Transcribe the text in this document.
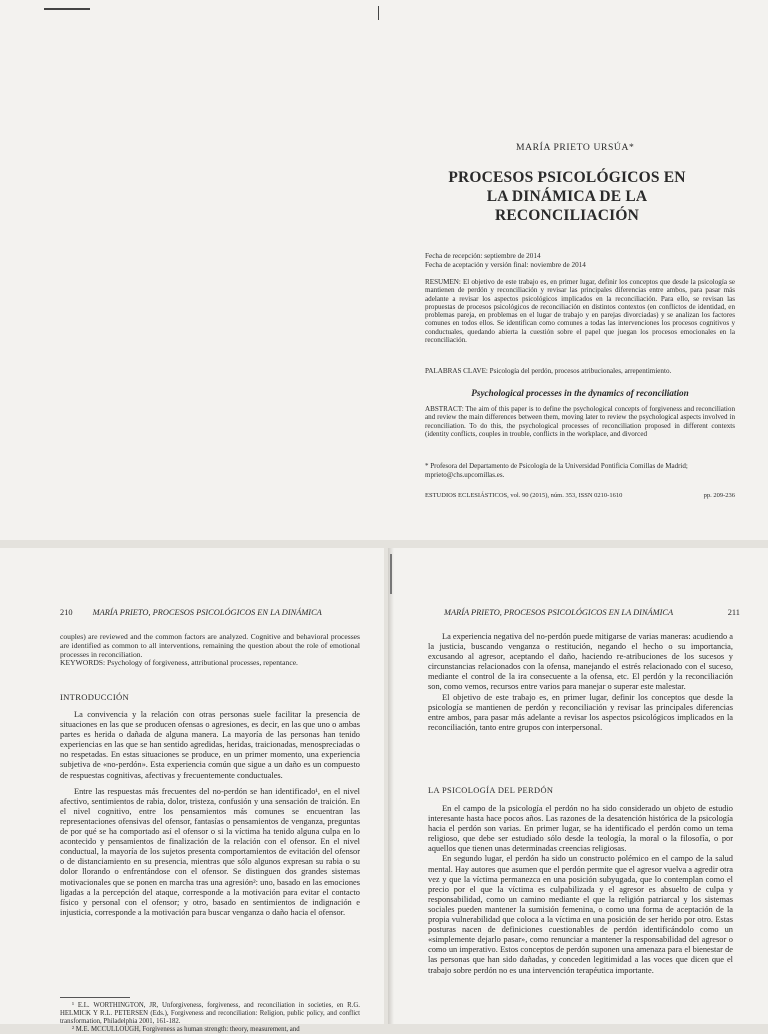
MARÍA PRIETO URSÚA*
PROCESOS PSICOLÓGICOS EN
LA DINÁMICA DE LA RECONCILIACIÓN
Fecha de recepción: septiembre de 2014
Fecha de aceptación y versión final: noviembre de 2014
RESUMEN: El objetivo de este trabajo es, en primer lugar, definir los conceptos que desde la psicología se mantienen de perdón y reconciliación y revisar las principales diferencias entre ambos, para pasar más adelante a revisar los aspectos psicológicos implicados en la reconciliación. Para ello, se revisan las propuestas de procesos psicológicos de reconciliación en distintos contextos (en conflictos de identidad, en problemas pareja, en problemas en el lugar de trabajo y en parejas divorciadas) y se analizan los factores comunes en todos ellos. Se identifican como comunes a todas las intervenciones los procesos cognitivos y conductuales, quedando abierta la cuestión sobre el papel que juegan los procesos emocionales en la reconciliación.
PALABRAS CLAVE: Psicología del perdón, procesos atribucionales, arrepentimiento.
Psychological processes in the dynamics of reconciliation
ABSTRACT: The aim of this paper is to define the psychological concepts of forgiveness and reconciliation and review the main differences between them, moving later to review the psychological aspects involved in reconciliation. To do this, the psychological processes of reconciliation proposed in different contexts (identity conflicts, couples in trouble, conflicts in the workplace, and divorced
* Profesora del Departamento de Psicología de la Universidad Pontificia Comillas de Madrid; mprieto@chs.upcomillas.es.
ESTUDIOS ECLESIÁSTICOS, vol. 90 (2015), núm. 353, ISSN 0210-1610	pp. 209-236
210 MARÍA PRIETO, PROCESOS PSICOLÓGICOS EN LA DINÁMICA
couples) are reviewed and the common factors are analyzed. Cognitive and behavioral processes are identified as common to all interventions, remaining the question about the role of emotional processes in reconciliation.
KEYWORDS: Psychology of forgiveness, attributional processes, repentance.
INTRODUCCIÓN

La convivencia y la relación con otras personas suele facilitar la presencia de situaciones en las que se producen ofensas o agresiones, es decir, en las que uno o ambas partes es herida o dañada de alguna manera. La mayoría de las personas han tenido experiencias en las que se han sentido agredidas, heridas, traicionadas, menospreciadas o no respetadas. En estas situaciones se produce, en un primer momento, una experiencia subjetiva de «no-perdón». Esta experiencia común que sigue a un daño es un compuesto de respuestas cognitivas, afectivas y frecuentemente conductuales.

Entre las respuestas más frecuentes del no-perdón se han identificado¹, en el nivel afectivo, sentimientos de rabia, dolor, tristeza, confusión y una sensación de traición. En el nivel cognitivo, entre los pensamientos más comunes se encuentran las representaciones ofensivas del ofensor, fantasías o pensamientos de venganza, preguntas de por qué se ha comportado así el ofensor o si la víctima ha tenido alguna culpa en lo acontecido y pensamientos de finalización de la relación con el ofensor. En el nivel conductual, la mayoría de los sujetos presenta comportamientos de evitación del ofensor o de distanciamiento en su presencia, mientras que sólo algunos expresan su rabia o su dolor llorando o enfrentándose con el ofensor. Se distinguen dos grandes sistemas motivacionales que se ponen en marcha tras una agresión²: uno, basado en las emociones ligadas a la percepción del ataque, corresponde a la motivación para evitar el contacto físico y personal con el ofensor; y otro, basado en sentimientos de indignación e injusticia, corresponde a la motivación para buscar venganza o daño hacia el ofensor.

¹ E.L. WORTHINGTON, JR, Unforgiveness, forgiveness, and reconciliation in societies, en R.G. HELMICK Y R.L. PETERSEN (Eds.), Forgiveness and reconciliation: Religion, public policy, and conflict transformation, Philadelphia 2001, 161-182.
² M.E. MCCULLOUGH, Forgiveness as human strength: theory, measurement, and
MARÍA PRIETO, PROCESOS PSICOLÓGICOS EN LA DINÁMICA	211

La experiencia negativa del no-perdón puede mitigarse de varias maneras: acudiendo a la justicia, buscando venganza o restitución, negando el hecho o su importancia, excusando al agresor, aceptando el daño, haciendo re-atribuciones de los sucesos y circunstancias relacionados con la ofensa, manejando el estrés relacionado con el suceso, mediante el control de la ira consecuente a la ofensa, etc. El perdón y la reconciliación son, como vemos, recursos entre varios para manejar o superar este malestar.

El objetivo de este trabajo es, en primer lugar, definir los conceptos que desde la psicología se mantienen de perdón y reconciliación y revisar las principales diferencias entre ambos, para pasar más adelante a revisar los aspectos psicológicos implicados en la reconciliación, tanto entre grupos con interpersonal.

LA PSICOLOGÍA DEL PERDÓN

En el campo de la psicología el perdón no ha sido considerado un objeto de estudio interesante hasta hace pocos años. Las razones de la desatención histórica de la psicología hacia el perdón son varias. En primer lugar, se ha identificado el perdón como un tema religioso, que debe ser estudiado sólo desde la teología, la moral o la filosofía, o por aquellos que tienen unas determinadas creencias religiosas.

En segundo lugar, el perdón ha sido un constructo polémico en el campo de la salud mental. Hay autores que asumen que el perdón permite que el agresor vuelva a agredir otra vez y que la víctima permanezca en una posición subyugada, que lo contemplan como el precio por el que la víctima es culpabilizada y el agresor es absuelto de culpa y responsabilidad, como un camino mediante el que la religión patriarcal y los sistemas sociales pueden mantener la sumisión femenina, o como una forma de aceptación de la propia vulnerabilidad que coloca a la víctima en una posición de ser herido por otro. Estas posturas nacen de definiciones cuestionables de perdón identificándolo como un «simplemente dejarlo pasar», como renunciar a mantener la responsabilidad del agresor o como un imperativo. Estos conceptos de perdón suponen una amenaza para el bienestar de las personas que han sido dañadas, y conceden legitimidad a las voces que dicen que el trabajo sobre perdón no es una intervención terapéutica importante.
